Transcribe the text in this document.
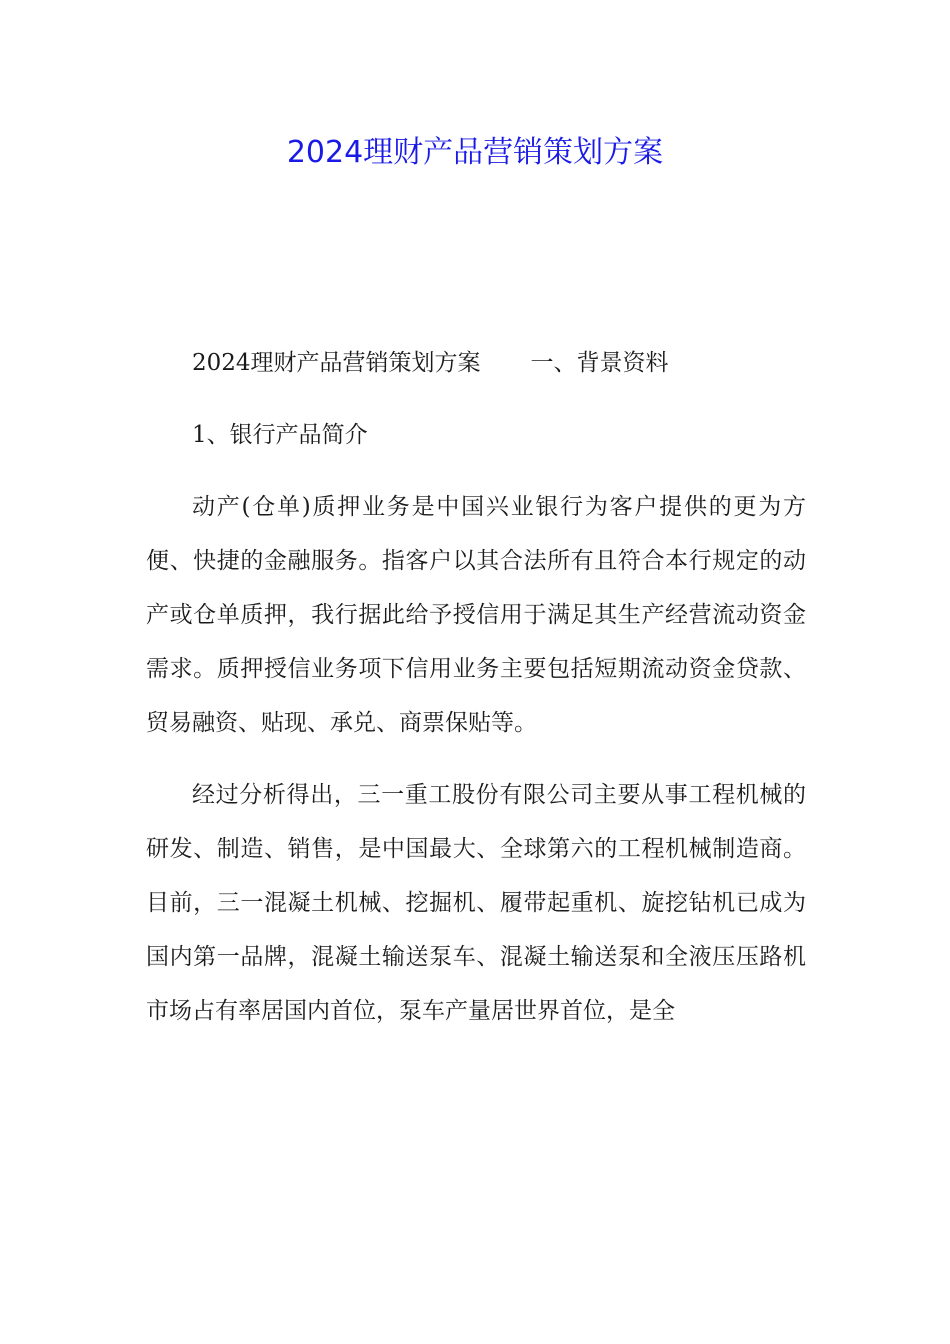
2024理财产品营销策划方案

2024理财产品营销策划方案 一、背景资料

1、银行产品简介

动产(仓单)质押业务是中国兴业银行为客户提供的更为方便、快捷的金融服务。指客户以其合法所有且符合本行规定的动产或仓单质押，我行据此给予授信用于满足其生产经营流动资金需求。质押授信业务项下信用业务主要包括短期流动资金贷款、贸易融资、贴现、承兑、商票保贴等。

经过分析得出，三一重工股份有限公司主要从事工程机械的研发、制造、销售，是中国最大、全球第六的工程机械制造商。目前，三一混凝土机械、挖掘机、履带起重机、旋挖钻机已成为国内第一品牌，混凝土输送泵车、混凝土输送泵和全液压压路机市场占有率居国内首位，泵车产量居世界首位，是全
